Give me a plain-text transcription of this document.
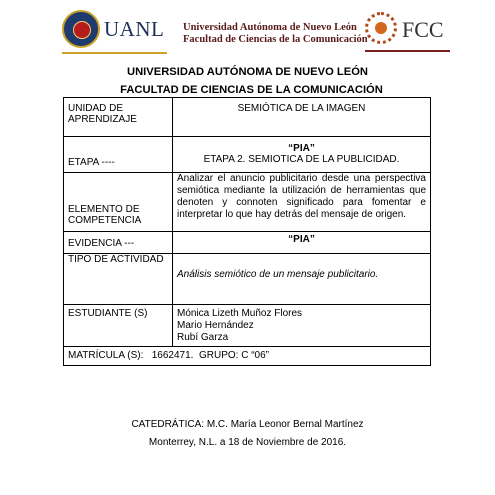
UANL Universidad Autónoma de Nuevo León
Facultad de Ciencias de la Comunicación FCC
UNIVERSIDAD AUTÓNOMA DE NUEVO LEÓN
FACULTAD DE CIENCIAS DE LA COMUNICACIÓN
UNIDAD DE APRENDIZAJE	SEMIÓTICA DE LA IMAGEN

ETAPA ----	“PIA”
ETAPA 2. SEMIOTICA DE LA PUBLICIDAD.

ELEMENTO DE COMPETENCIA	Analizar el anuncio publicitario desde una perspectiva semiótica mediante la utilización de herramientas que denoten y connoten significado para fomentar e interpretar lo que hay detrás del mensaje de origen.

EVIDENCIA ---	“PIA”

TIPO DE ACTIVIDAD	Análisis semiótico de un mensaje publicitario.

ESTUDIANTE (S)	Mónica Lizeth Muñoz Flores
Mario Hernández
Rubí Garza

MATRÍCULA (S):   1662471.  GRUPO: C “06”	
CATEDRÁTICA: M.C. María Leonor Bernal Martínez
Monterrey, N.L. a 18 de Noviembre de 2016.
